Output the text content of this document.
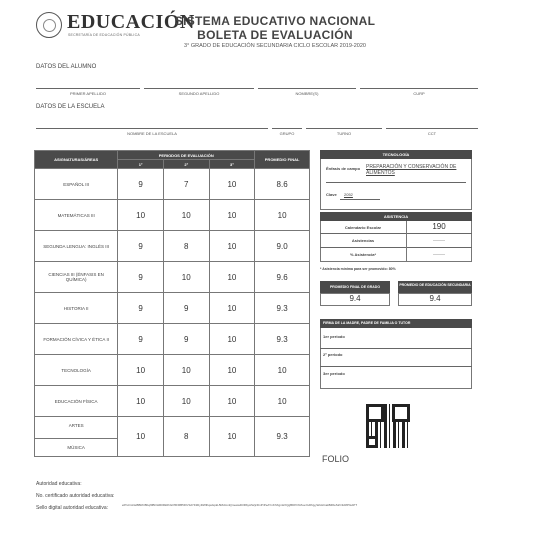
EDUCACIÓN
SECRETARÍA DE EDUCACIÓN PÚBLICA
SISTEMA EDUCATIVO NACIONAL
BOLETA DE EVALUACIÓN
3° GRADO DE EDUCACIÓN SECUNDARIA CICLO ESCOLAR 2019-2020
DATOS DEL ALUMNO
PRIMER APELLIDO	SEGUNDO APELLIDO	NOMBRE(S)	CURP
DATOS DE LA ESCUELA
NOMBRE DE LA ESCUELA	GRUPO	TURNO	CCT
ASIGNATURAS/ÁREAS	PERIODOS DE EVALUACIÓN			PROMEDIO FINAL
	1°	2°	3°	
ESPAÑOL III	9	7	10	8.6
MATEMÁTICAS III	10	10	10	10
SEGUNDA LENGUA: INGLÉS III	9	8	10	9.0
CIENCIAS III (ÉNFASIS EN QUÍMICA)	9	10	10	9.6
HISTORIA II	9	9	10	9.3
FORMACIÓN CÍVICA Y ÉTICA II	9	9	10	9.3
TECNOLOGÍA	10	10	10	10
EDUCACIÓN FÍSICA	10	10	10	10

ARTES
MÚSICA	10	8	10	9.3
TECNOLOGÍA
Énfasis de campo PREPARACIÓN Y CONSERVACIÓN DE ALIMENTOS
Clave 2052
ASISTENCIA
Calendario Escolar	190
Asistencias	———
% Asistencia*	———
* Asistencia mínima para ser promovido: 80%
PROMEDIO FINAL DE GRADO
9.4
PROMEDIO DE EDUCACIÓN SECUNDARIA
9.4
FIRMA DE LA MADRE, PADRE DE FAMILIA O TUTOR
1er periodo
2º periodo
3er periodo
FOLIO
Autoridad educativa:
No. certificado autoridad educativa:
Sello digital autoridad educativa:	ePrHrmOeBBRCBbqf0BOHR0Rk0hGO5FRB5FhrS2743DyDWlKqaGpkL5MdmxtQmeawD3RbyAS2jcDnPrPeAYnKhXgmkXQgBDPrrRAveYeDfqyyWoHCakBZtfeS2C3A8PGAPT
